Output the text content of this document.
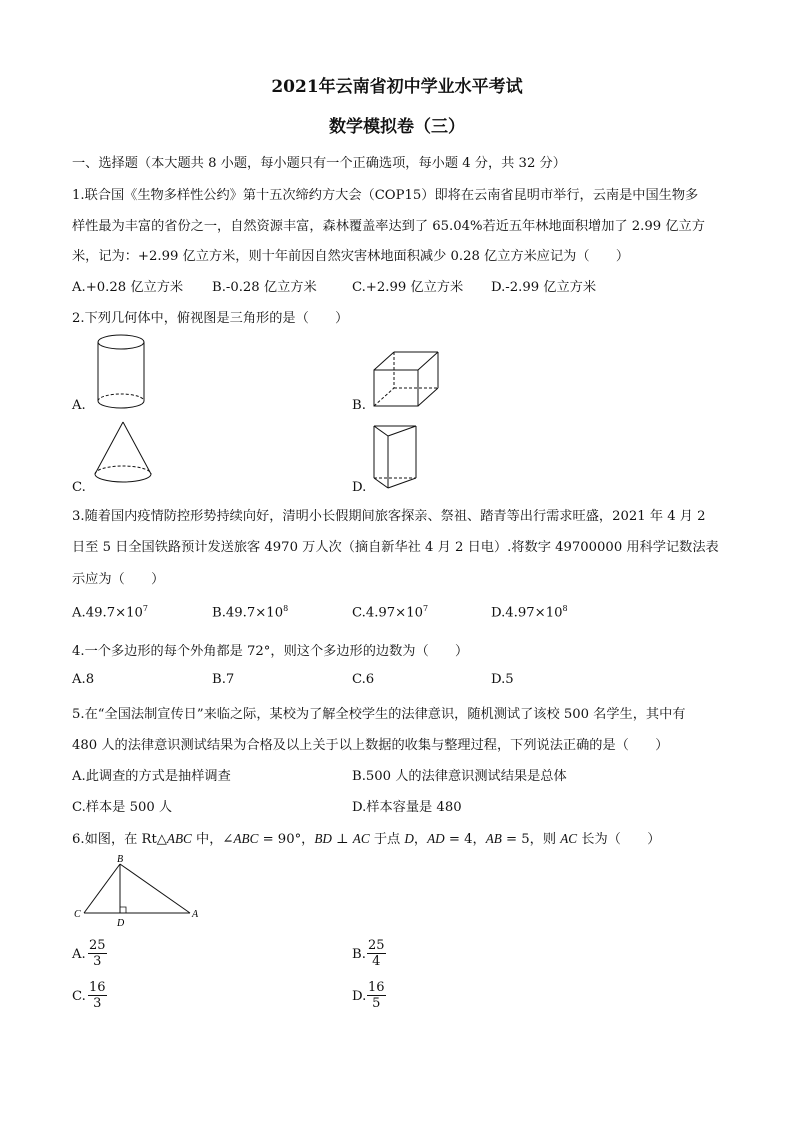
2021年云南省初中学业水平考试
数学模拟卷（三）
一、选择题（本大题共 8 小题，每小题只有一个正确选项，每小题 4 分，共 32 分）
1.联合国《生物多样性公约》第十五次缔约方大会（COP15）即将在云南省昆明市举行，云南是中国生物多
样性最为丰富的省份之一，自然资源丰富，森林覆盖率达到了 65.04%若近五年林地面积增加了 2.99 亿立方
米，记为：+2.99 亿立方米，则十年前因自然灾害林地面积减少 0.28 亿立方米应记为（　　）
A.+0.28 亿立方米 B.-0.28 亿立方米	C.+2.99 亿立方米 D.-2.99 亿立方米
2.下列几何体中，俯视图是三角形的是（　　）
A.	B.
C.	D.
3.随着国内疫情防控形势持续向好，清明小长假期间旅客探亲、祭祖、踏青等出行需求旺盛，2021 年 4 月 2
日至 5 日全国铁路预计发送旅客 4970 万人次（摘自新华社 4 月 2 日电）.将数字 49700000 用科学记数法表
示应为（　　）
$A.49.7\times 10^7$	$B.49.7\times 10^8$	$C.4.97\times 10^7$	$D.4.97\times 10^8$
4.一个多边形的每个外角都是 72°，则这个多边形的边数为（　　）
A.8	B.7	C.6	D.5
5.在“全国法制宣传日”来临之际，某校为了解全校学生的法律意识，随机测试了该校 500 名学生，其中有
480 人的法律意识测试结果为合格及以上关于以上数据的收集与整理过程，下列说法正确的是（　　）
A.此调查的方式是抽样调查	B.500 人的法律意识测试结果是总体
C.样本是 500 人	D.样本容量是 480
6.如图，在 Rt△ABC 中，∠ABC = 90°，BD ⊥ AC 于点 D，AD = 4，AB = 5，则 AC 长为（　　）
B
C
D
A
A. $\frac{25}{3}$	B. $\frac{25}{4}$
C. $\frac{16}{3}$	D. $\frac{16}{5}$
